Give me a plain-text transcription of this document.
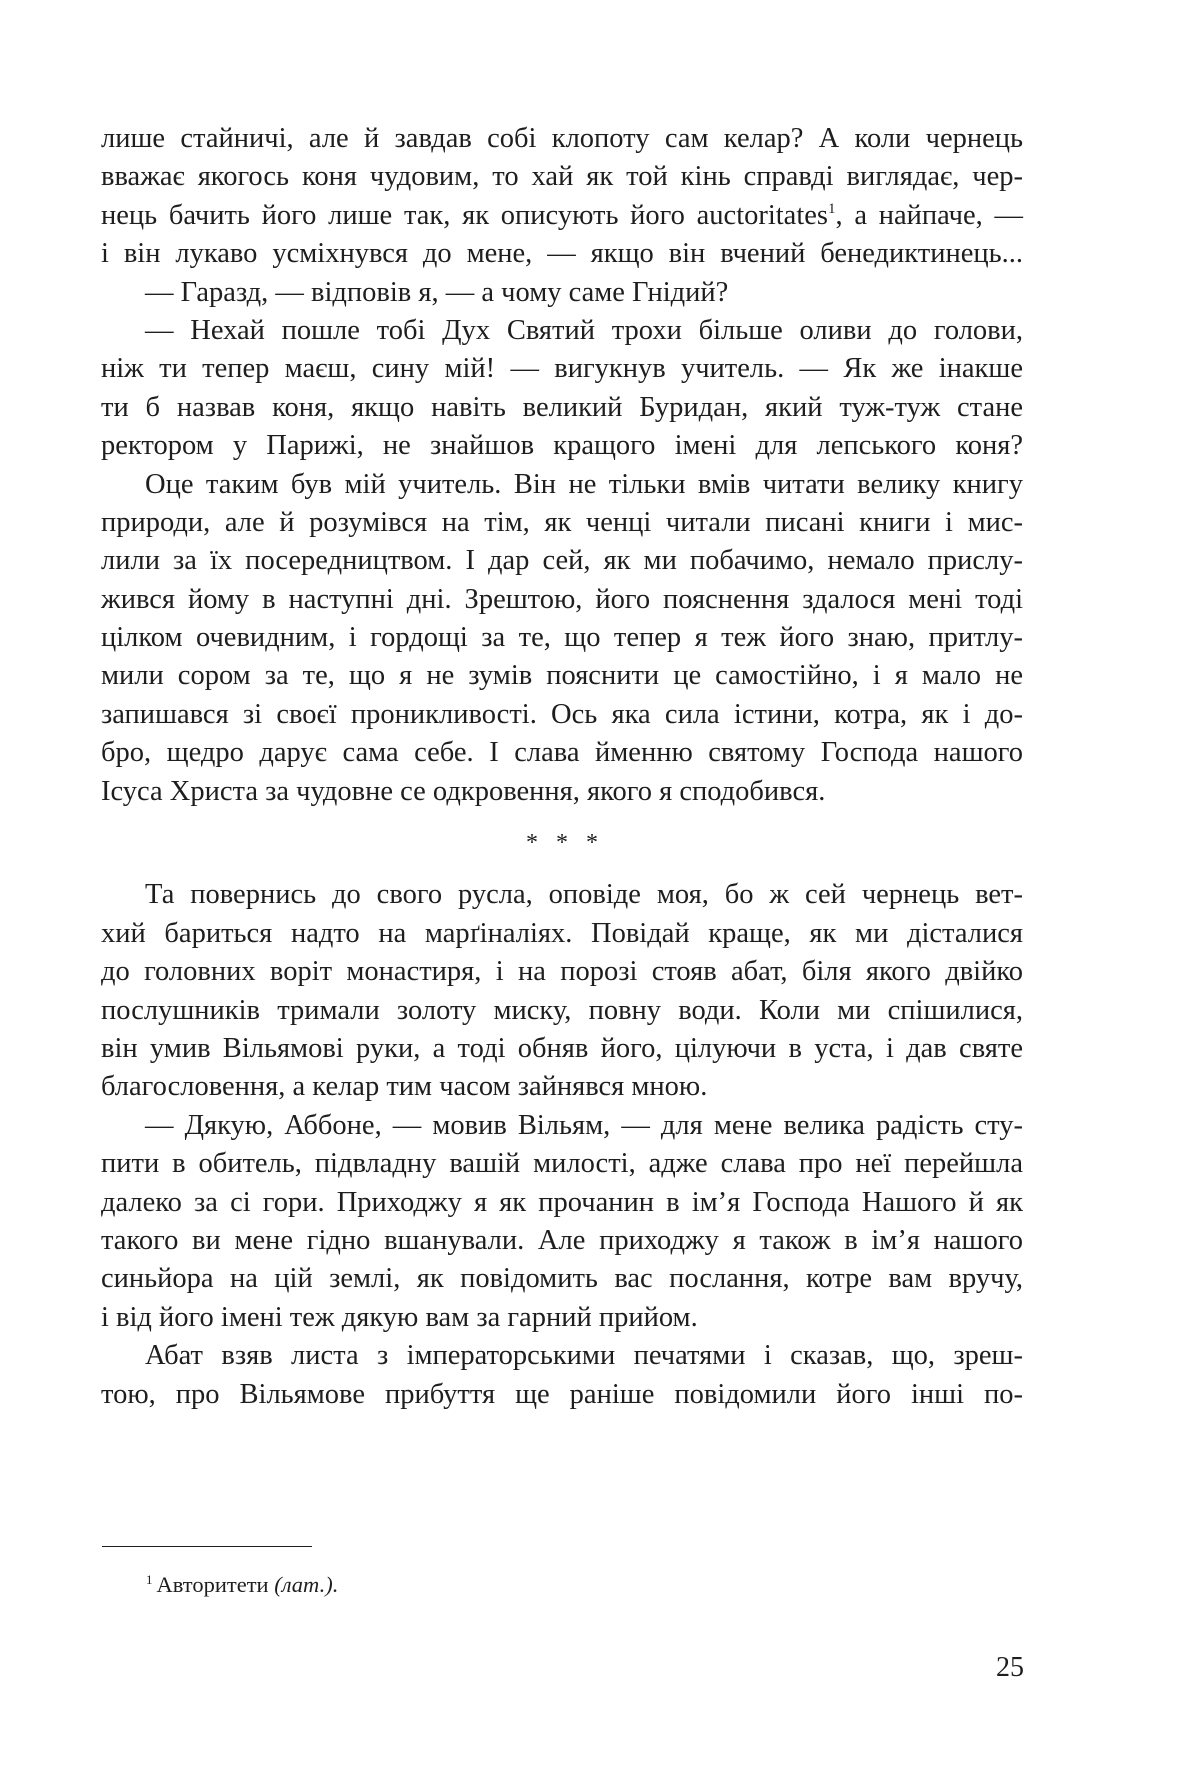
лише стайничі, але й завдав собі клопоту сам келар? А коли чернець
вважає якогось коня чудовим, то хай як той кінь справді виглядає, чер-
нець бачить його лише так, як описують його auctoritates$^1$, а найпаче, —
і він лукаво усміхнувся до мене, — якщо він вчений бенедиктинець...
— Гаразд, — відповів я, — а чому саме Гнідий?
— Нехай пошле тобі Дух Святий трохи більше оливи до голови,
ніж ти тепер маєш, сину мій! — вигукнув учитель. — Як же інакше
ти б назвав коня, якщо навіть великий Буридан, який туж-туж стане
ректором у Парижі, не знайшов кращого імені для лепського коня?
Оце таким був мій учитель. Він не тільки вмів читати велику книгу
природи, але й розумівся на тім, як ченці читали писані книги і мис-
лили за їх посередництвом. І дар сей, як ми побачимо, немало прислу-
жився йому в наступні дні. Зрештою, його пояснення здалося мені тоді
цілком очевидним, і гордощі за те, що тепер я теж його знаю, притлу-
мили сором за те, що я не зумів пояснити це самостійно, і я мало не
запишався зі своєї проникливості. Ось яка сила істини, котра, як і до-
бро, щедро дарує сама себе. І слава йменню святому Господа нашого
Ісуса Христа за чудовне се одкровення, якого я сподобився.
* * *
Та повернись до свого русла, оповіде моя, бо ж сей чернець вет-
хий бариться надто на марґіналіях. Повідай краще, як ми дісталися
до головних воріт монастиря, і на порозі стояв абат, біля якого двійко
послушників тримали золоту миску, повну води. Коли ми спішилися,
він умив Вільямові руки, а тоді обняв його, цілуючи в уста, і дав святе
благословення, а келар тим часом зайнявся мною.
— Дякую, Аббоне, — мовив Вільям, — для мене велика радість сту-
пити в обитель, підвладну вашій милості, адже слава про неї перейшла
далеко за сі гори. Приходжу я як прочанин в ім’я Господа Нашого й як
такого ви мене гідно вшанували. Але приходжу я також в ім’я нашого
синьйора на цій землі, як повідомить вас послання, котре вам вручу,
і від його імені теж дякую вам за гарний прийом.
Абат взяв листа з імператорськими печатями і сказав, що, зреш-
тою, про Вільямове прибуття ще раніше повідомили його інші по-
$^1$ Авторитети (лат.).
25
